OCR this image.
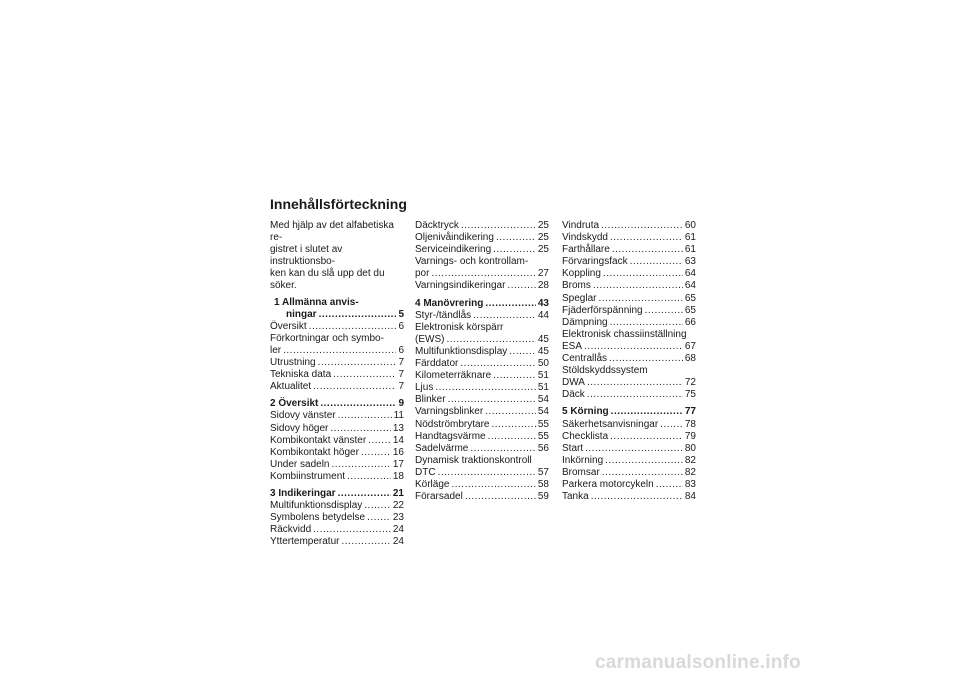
Innehållsförteckning
Med hjälp av det alfabetiska re-
gistret i slutet av instruktionsbo-
ken kan du slå upp det du söker.
1 Allmänna anvis-
ningar .....	5
Översikt .....	6
Förkortningar och symbo-
ler .....	6
Utrustning .....	7
Tekniska data .....	7
Aktualitet .....	7
2 Översikt .....	9
Sidovy vänster .....	11
Sidovy höger .....	13
Kombikontakt vänster .....	14
Kombikontakt höger .....	16
Under sadeln .....	17
Kombiinstrument .....	18
3 Indikeringar .....	21
Multifunktionsdisplay .....	22
Symbolens betydelse .....	23
Räckvidd .....	24
Yttertemperatur .....	24
Däcktryck .....	25
Oljenivåindikering .....	25
Serviceindikering .....	25
Varnings- och kontrollam-
por .....	27
Varningsindikeringar .....	28
4 Manövrering .....	43
Styr-/tändlås .....	44
Elektronisk körspärr
(EWS) .....	45
Multifunktionsdisplay .....	45
Färddator .....	50
Kilometerräknare .....	51
Ljus .....	51
Blinker .....	54
Varningsblinker .....	54
Nödströmbrytare .....	55
Handtagsvärme .....	55
Sadelvärme .....	56
Dynamisk traktionskontroll
DTC .....	57
Körläge .....	58
Förarsadel .....	59
Vindruta .....	60
Vindskydd .....	61
Farthållare .....	61
Förvaringsfack .....	63
Koppling .....	64
Broms .....	64
Speglar .....	65
Fjäderförspänning .....	65
Dämpning .....	66
Elektronisk chassiinställning
ESA .....	67
Centrallås .....	68
Stöldskyddssystem
DWA .....	72
Däck .....	75
5 Körning .....	77
Säkerhetsanvisningar .....	78
Checklista .....	79
Start .....	80
Inkörning .....	82
Bromsar .....	82
Parkera motorcykeln .....	83
Tanka .....	84
carmanualsonline.info
